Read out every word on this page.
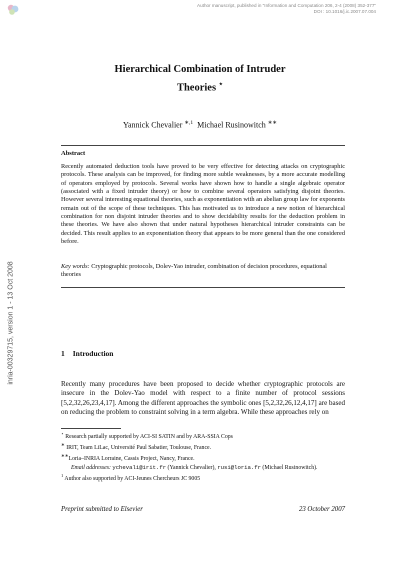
Author manuscript, published in "Information and Computation 206, 2-4 (2008) 352-377"
DOI : 10.1016/j.ic.2007.07.004
inria-00329715, version 1 - 13 Oct 2008
Hierarchical Combination of Intruder
Theories ⋆
Yannick Chevalier $^{∗,1}$ Michael Rusinowitch ∗∗
Abstract

Recently automated deduction tools have proved to be very effective for detecting attacks on cryptographic protocols. These analysis can be improved, for finding more subtle weaknesses, by a more accurate modelling of operators employed by protocols. Several works have shown how to handle a single algebraic operator (associated with a fixed intruder theory) or how to combine several operators satisfying disjoint theories. However several interesting equational theories, such as exponentiation with an abelian group law for exponents remain out of the scope of these techniques. This has motivated us to introduce a new notion of hierarchical combination for non disjoint intruder theories and to show decidability results for the deduction problem in these theories. We have also shown that under natural hypotheses hierarchical intruder constraints can be decided. This result applies to an exponentiation theory that appears to be more general than the one considered before.

Key words: Cryptographic protocols, Dolev-Yao intruder, combination of decision procedures, equational theories

1 Introduction

Recently many procedures have been proposed to decide whether cryptographic protocols are insecure in the Dolev-Yao model with respect to a finite number of protocol sessions [5,2,32,26,23,4,17]. Among the different approaches the symbolic ones [5,2,32,26,12,4,17] are based on reducing the problem to constraint solving in a term algebra. While these approaches rely on

⋆ Research partially supported by ACI-SI SATIN and by ARA-SSIA Cops
∗ IRIT, Team LiLac, Université Paul Sabatier, Toulouse, France.
∗∗Loria–INRIA Lorraine, Cassis Project, Nancy, France.
Email addresses: ychevali@irit.fr (Yannick Chevalier), rusi@loria.fr (Michael Rusinowitch).
$^1$ Author also supported by ACI-Jeunes Chercheurs JC 9005
Preprint submitted to Elsevier	23 October 2007
